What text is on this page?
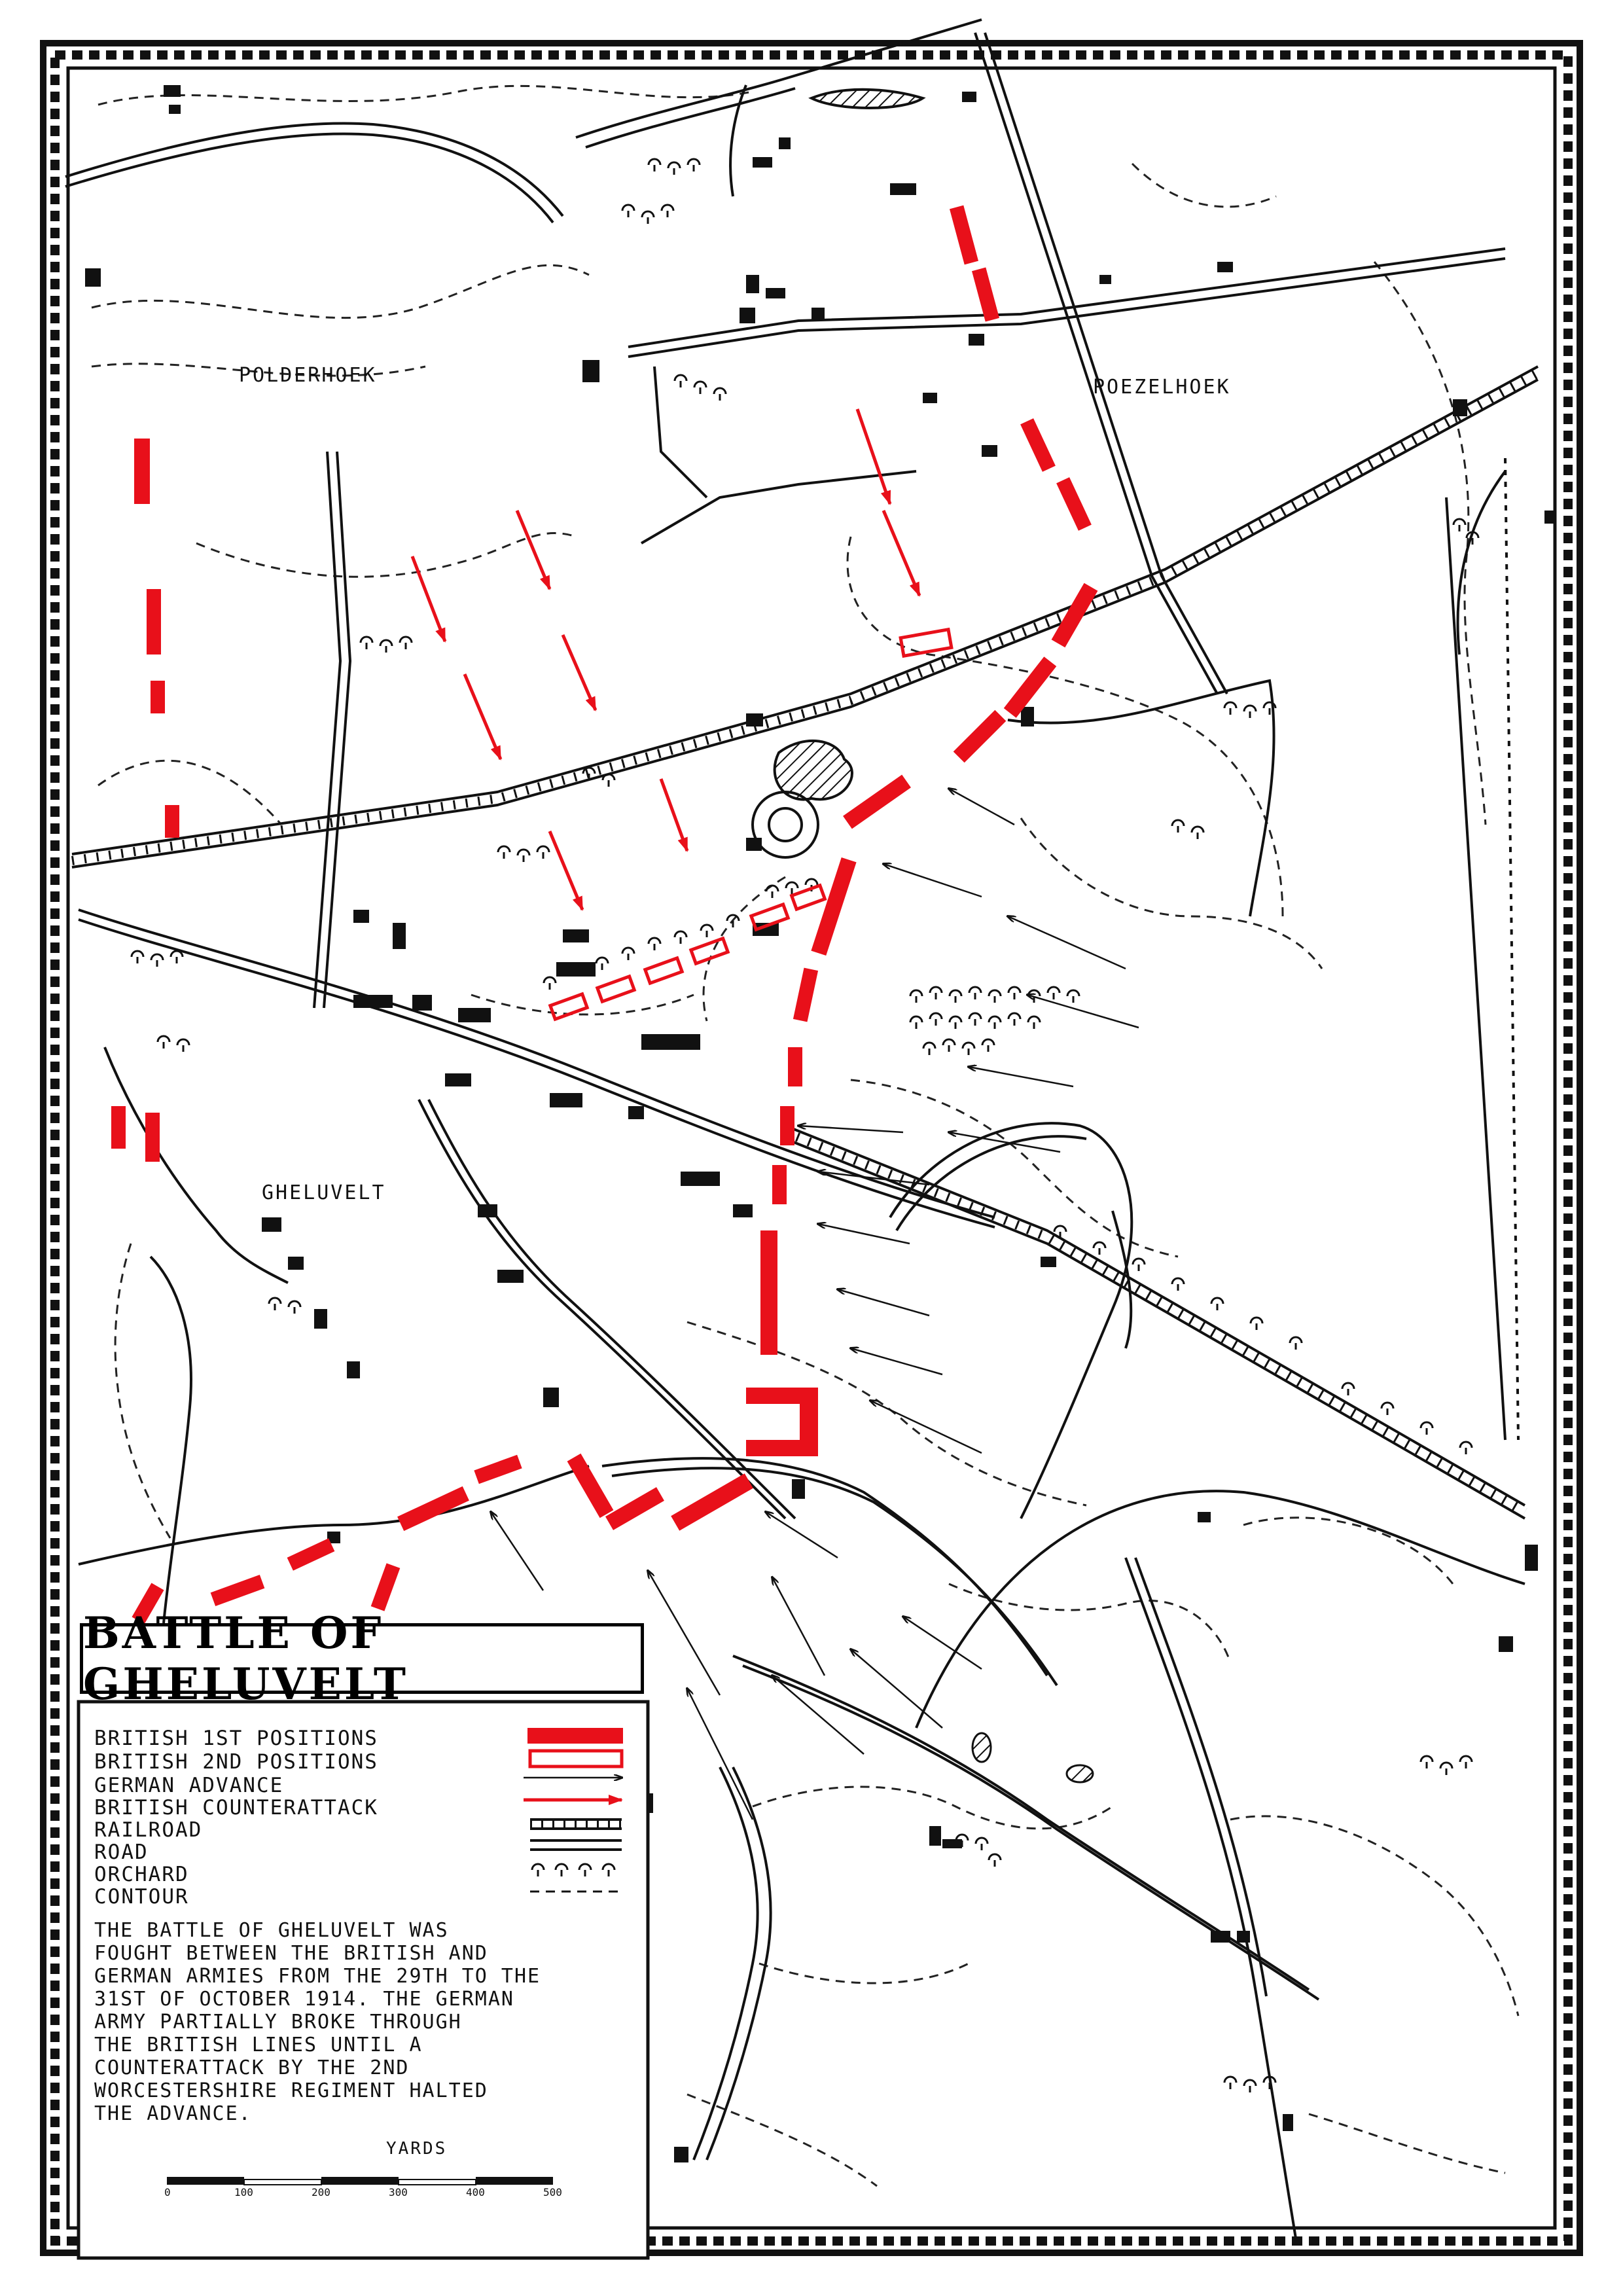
POLDERHOEK
POEZELHOEK
GHELUVELT
BATTLE OF GHELUVELT
BRITISH 1ST POSITIONS
BRITISH 2ND POSITIONS
GERMAN ADVANCE
BRITISH COUNTERATTACK
RAILROAD
ROAD
ORCHARD
CONTOUR
THE BATTLE OF GHELUVELT WAS
FOUGHT BETWEEN THE BRITISH AND
GERMAN ARMIES FROM THE 29TH TO THE
31ST OF OCTOBER 1914. THE GERMAN
ARMY PARTIALLY BROKE THROUGH
THE BRITISH LINES UNTIL A
COUNTERATTACK BY THE 2ND
WORCESTERSHIRE REGIMENT HALTED
THE ADVANCE.
YARDS
0	100	200	300	400	500
